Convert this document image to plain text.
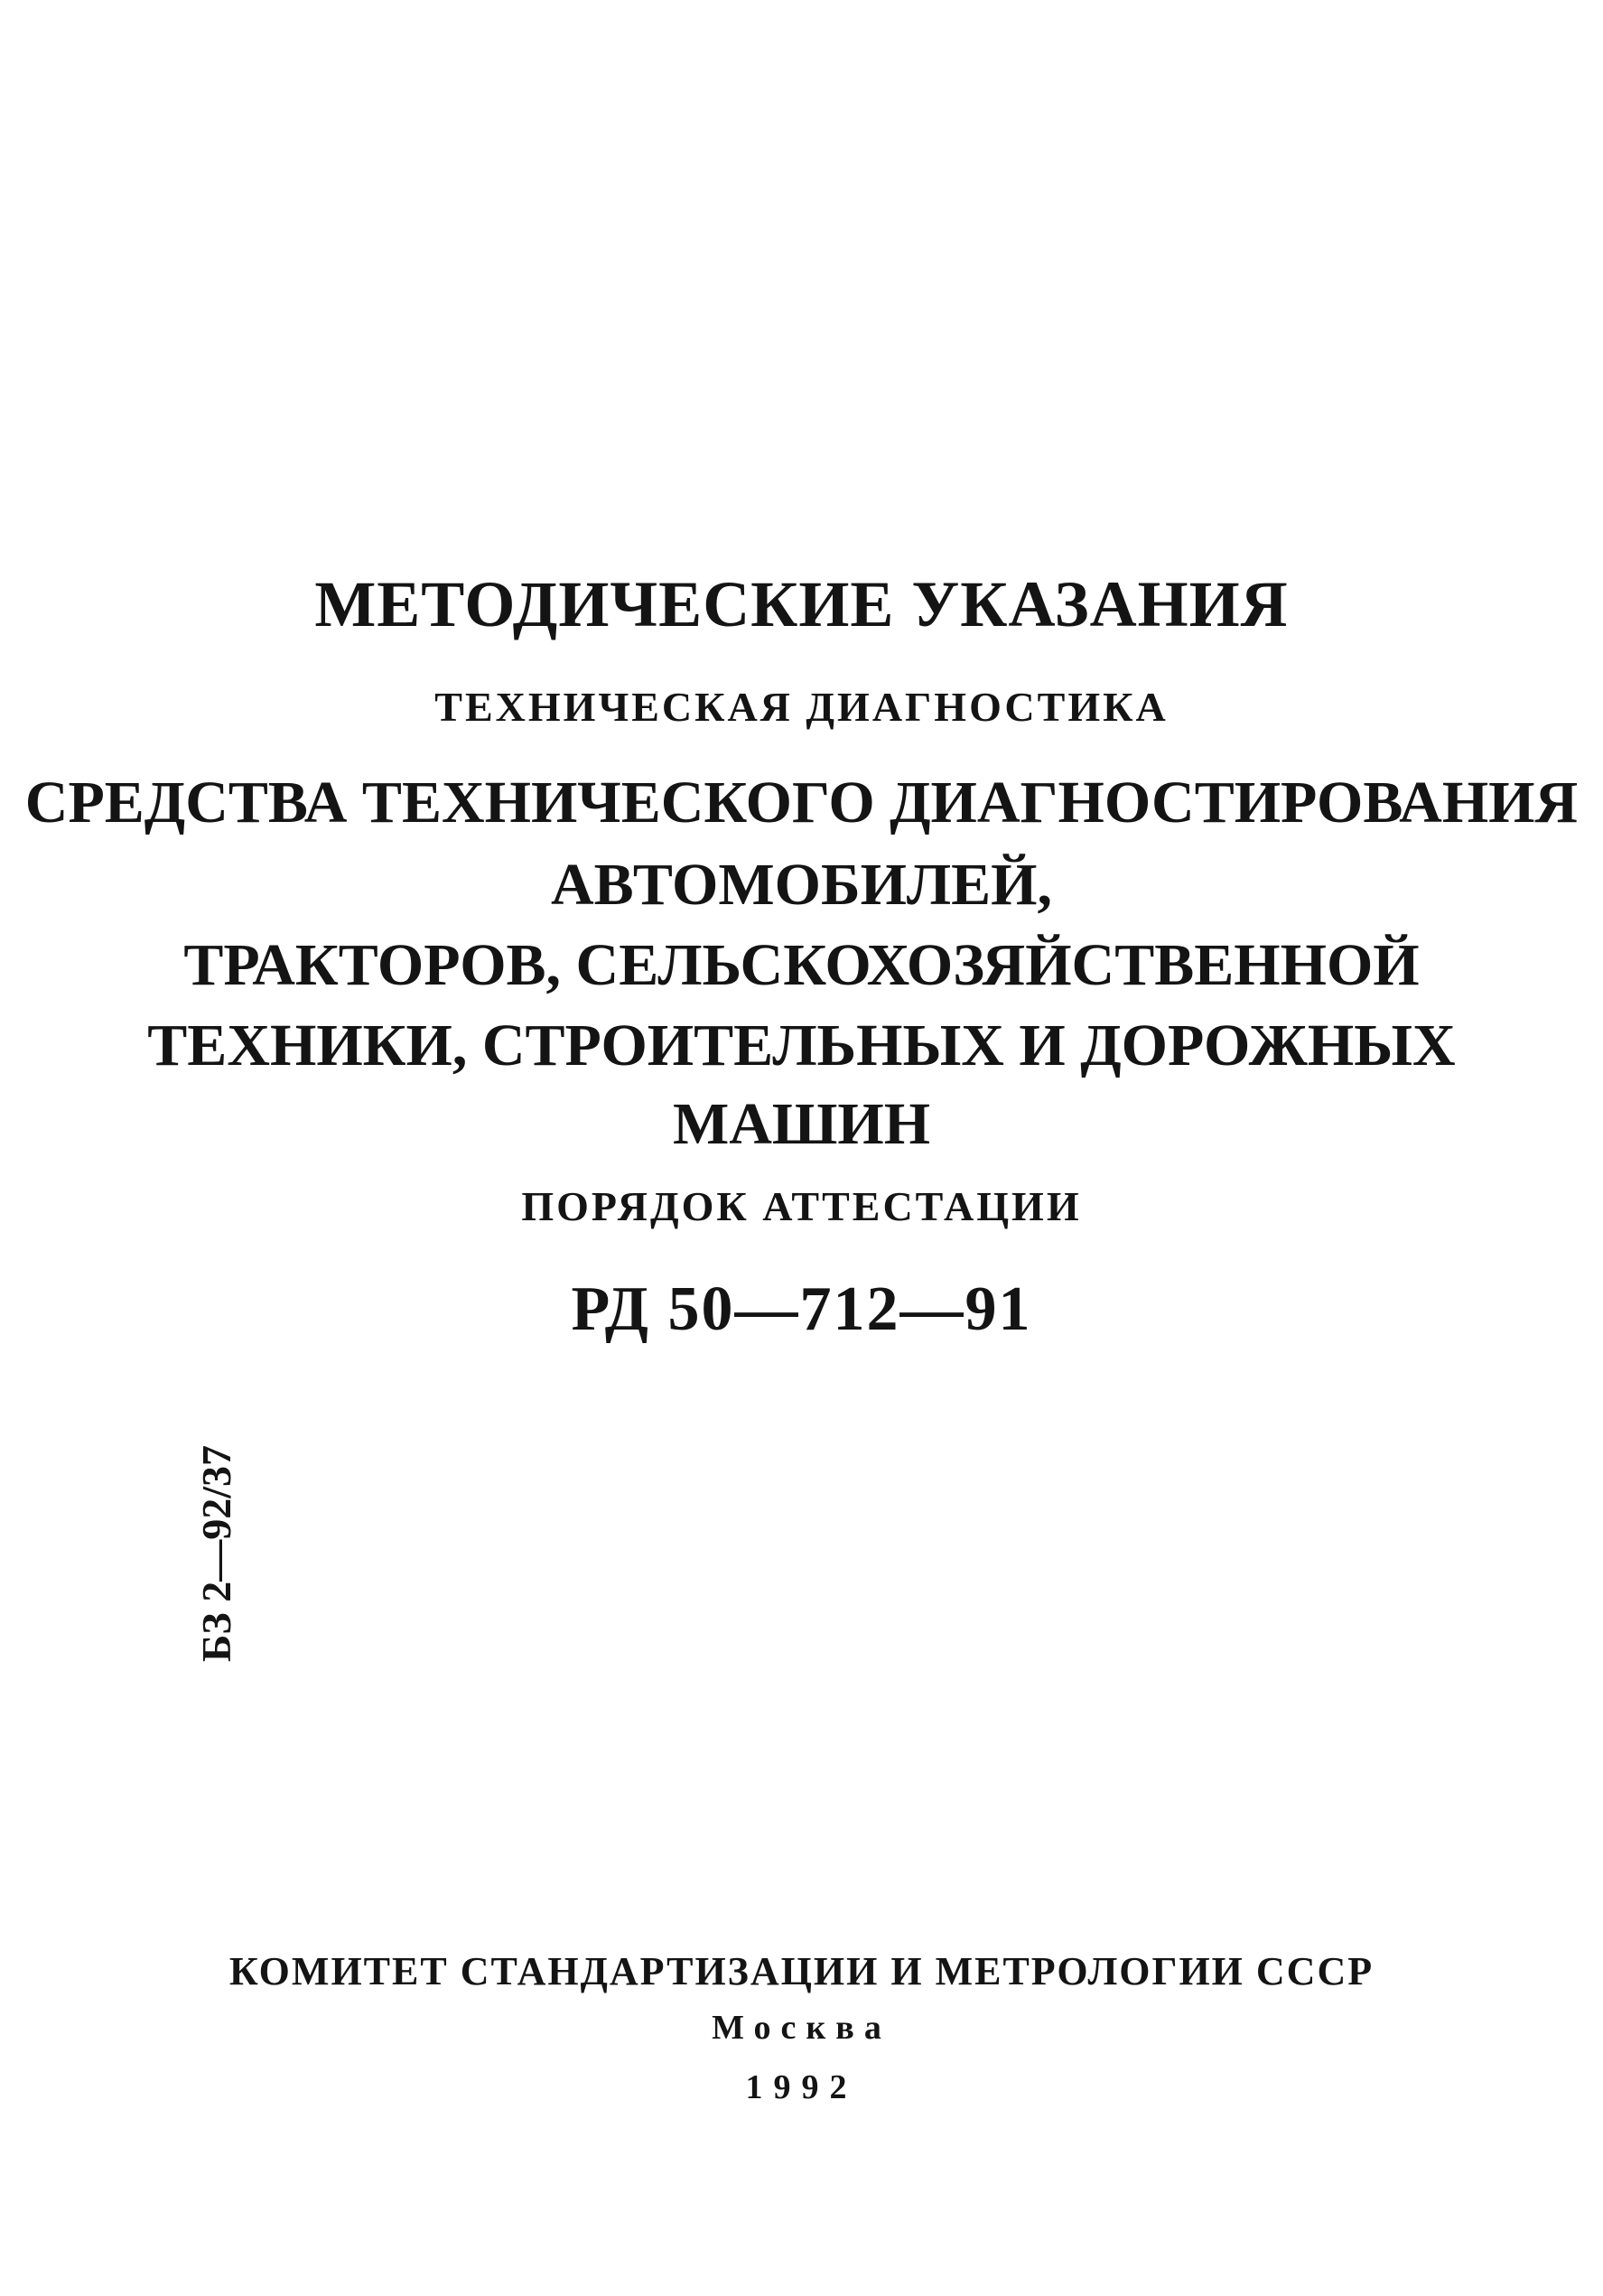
МЕТОДИЧЕСКИЕ УКАЗАНИЯ
ТЕХНИЧЕСКАЯ ДИАГНОСТИКА
СРЕДСТВА ТЕХНИЧЕСКОГО ДИАГНОСТИРОВАНИЯ
АВТОМОБИЛЕЙ,
ТРАКТОРОВ, СЕЛЬСКОХОЗЯЙСТВЕННОЙ
ТЕХНИКИ, СТРОИТЕЛЬНЫХ И ДОРОЖНЫХ
МАШИН
ПОРЯДОК АТТЕСТАЦИИ
РД 50—712—91
БЗ 2—92/37
КОМИТЕТ СТАНДАРТИЗАЦИИ И МЕТРОЛОГИИ СССР
Москва
1992
